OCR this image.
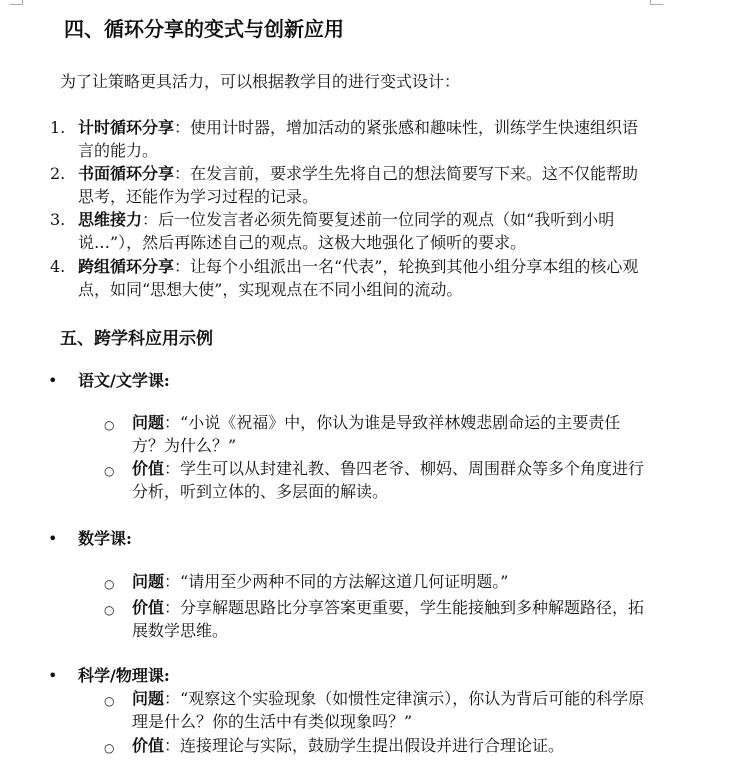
四、循环分享的变式与创新应用
为了让策略更具活力，可以根据教学目的进行变式设计：
1. 计时循环分享：使用计时器，增加活动的紧张感和趣味性，训练学生快速组织语言的能力。
2. 书面循环分享：在发言前，要求学生先将自己的想法简要写下来。这不仅能帮助思考，还能作为学习过程的记录。
3. 思维接力：后一位发言者必须先简要复述前一位同学的观点（如“我听到小明说…”），然后再陈述自己的观点。这极大地强化了倾听的要求。
4. 跨组循环分享：让每个小组派出一名“代表”，轮换到其他小组分享本组的核心观点，如同“思想大使”，实现观点在不同小组间的流动。
五、跨学科应用示例
• 语文/文学课:
○ 问题：“小说《祝福》中，你认为谁是导致祥林嫂悲剧命运的主要责任方？为什么？”
○ 价值：学生可以从封建礼教、鲁四老爷、柳妈、周围群众等多个角度进行分析，听到立体的、多层面的解读。
• 数学课:
○ 问题：“请用至少两种不同的方法解这道几何证明题。”
○ 价值：分享解题思路比分享答案更重要，学生能接触到多种解题路径，拓展数学思维。
• 科学/物理课:
○ 问题：“观察这个实验现象（如惯性定律演示），你认为背后可能的科学原理是什么？你的生活中有类似现象吗？”
○ 价值：连接理论与实际，鼓励学生提出假设并进行合理论证。
